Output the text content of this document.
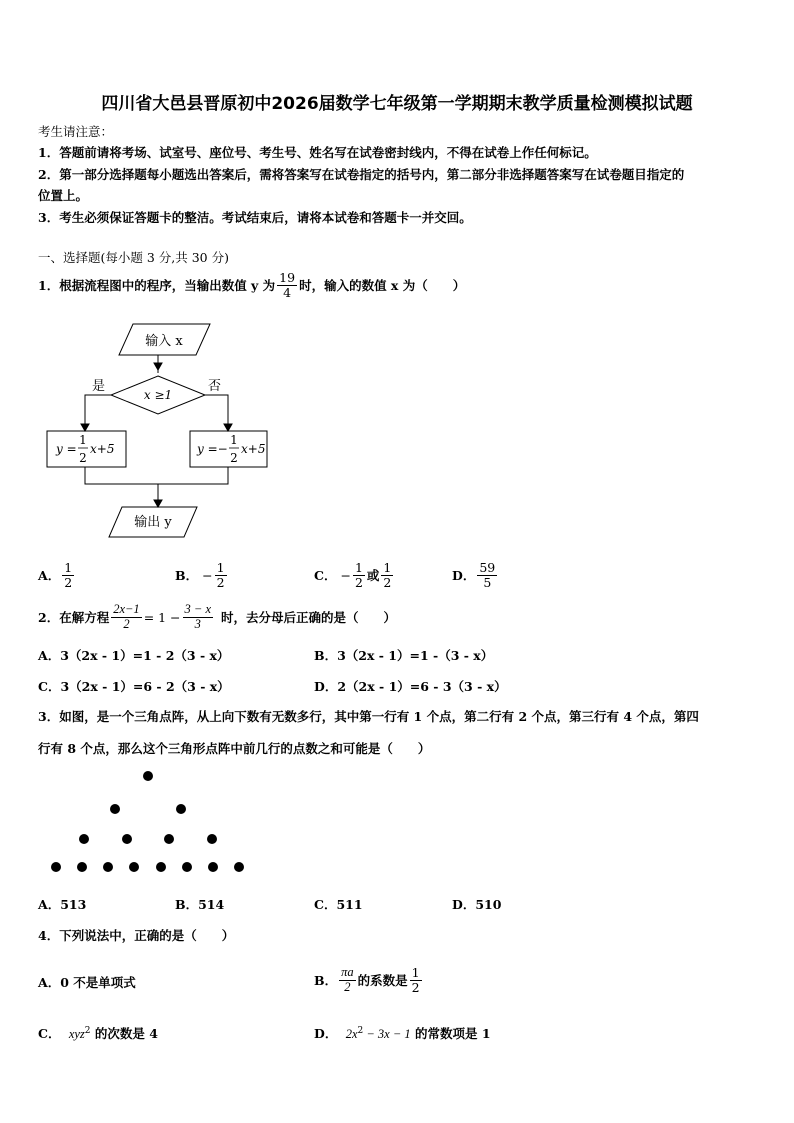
四川省大邑县晋原初中2026届数学七年级第一学期期末教学质量检测模拟试题
考生请注意：
1．答题前请将考场、试室号、座位号、考生号、姓名写在试卷密封线内，不得在试卷上作任何标记。
2．第一部分选择题每小题选出答案后，需将答案写在试卷指定的括号内，第二部分非选择题答案写在试卷题目指定的
位置上。
3．考生必须保证答题卡的整洁。考试结束后，请将本试卷和答题卡一并交回。
一、选择题(每小题 3 分,共 30 分)
1．根据流程图中的程序，当输出数值 y 为 $\frac{19}{4}$ 时，输入的数值 x 为（　　）
输入 x
x ≥1
是	否
y =
1
2
x+5	y =−
1
2
x+5
输出 y
A． $\frac{1}{2}$	B． − $\frac{1}{2}$	C． − $\frac{1}{2}$ 或 $\frac{1}{2}$	D． $\frac{59}{5}$
2．在解方程 $\frac{2x-1}{2} = 1 - \frac{3 - x}{3}$ 时，去分母后正确的是（　　）
A．3（2x - 1）=1 - 2（3 - x）	B．3（2x - 1）=1 -（3 - x）
C．3（2x - 1）=6 - 2（3 - x）	D．2（2x - 1）=6 - 3（3 - x）
3．如图，是一个三角点阵，从上向下数有无数多行，其中第一行有 1 个点，第二行有 2 个点，第三行有 4 个点，第四
行有 8 个点，那么这个三角形点阵中前几行的点数之和可能是（　　）
A．513	B．514	C．511	D．510
4．下列说法中，正确的是（　　）
A．0 不是单项式	B． $\frac{\pi a}{2}$ 的系数是 $\frac{1}{2}$
C． xyz$^2$ 的次数是 4	D． $2x^2 - 3x - 1$ 的常数项是 1
